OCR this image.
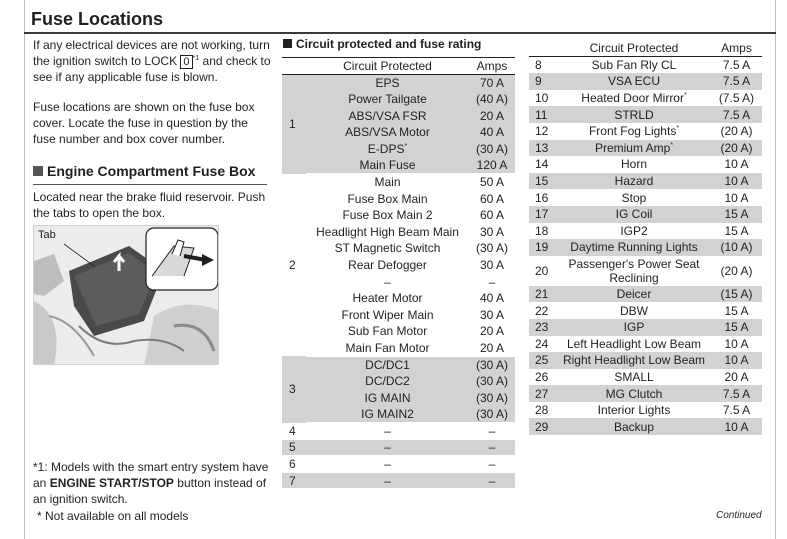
Fuse Locations

If any electrical devices are not working, turn the ignition switch to LOCK 0 $^{*1}$ and check to see if any applicable fuse is blown.

Fuse locations are shown on the fuse box cover. Locate the fuse in question by the fuse number and box cover number.

Engine Compartment Fuse Box
Located near the brake fluid reservoir. Push the tabs to open the box.
Tab
*1: Models with the smart entry system have an ENGINE START/STOP button instead of an ignition switch.
* Not available on all models
Circuit protected and fuse rating
	Circuit Protected	Amps
1	EPS	70 A
	Power Tailgate	(40 A)
	ABS/VSA FSR	20 A
	ABS/VSA Motor	40 A
	E-DPS*	(30 A)
	Main Fuse	120 A
2	Main	50 A
	Fuse Box Main	60 A
	Fuse Box Main 2	60 A
	Headlight High Beam Main	30 A
	ST Magnetic Switch	(30 A)
	Rear Defogger	30 A
	–	–
	Heater Motor	40 A
	Front Wiper Main	30 A
	Sub Fan Motor	20 A
	Main Fan Motor	20 A
3	DC/DC1	(30 A)
	DC/DC2	(30 A)
	IG MAIN	(30 A)
	IG MAIN2	(30 A)
4	–	–
5	–	–
6	–	–
7	–	–
	Circuit Protected	Amps
8	Sub Fan Rly CL	7.5 A
9	VSA ECU	7.5 A
10	Heated Door Mirror*	(7.5 A)
11	STRLD	7.5 A
12	Front Fog Lights*	(20 A)
13	Premium Amp*	(20 A)
14	Horn	10 A
15	Hazard	10 A
16	Stop	10 A
17	IG Coil	15 A
18	IGP2	15 A
19	Daytime Running Lights	(10 A)
20	Passenger's Power Seat Reclining	(20 A)
21	Deicer	(15 A)
22	DBW	15 A
23	IGP	15 A
24	Left Headlight Low Beam	10 A
25	Right Headlight Low Beam	10 A
26	SMALL	20 A
27	MG Clutch	7.5 A
28	Interior Lights	7.5 A
29	Backup	10 A
Continued
